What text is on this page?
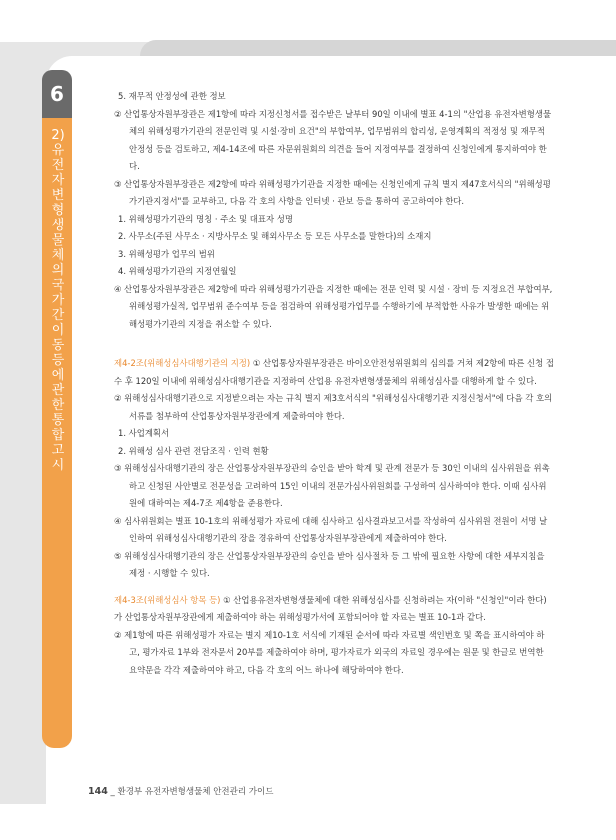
6
2) 유전자변형생물체의 국가간 이동 등에 관한 통합고시

5. 재무적 안정성에 관한 정보

② 산업통상자원부장관은 제1항에 따라 지정신청서를 접수받은 날부터 90일 이내에 별표 4-1의 "산업용 유전자변형생물체의 위해성평가기관의 전문인력 및 시설·장비 요건"의 부합여부, 업무범위의 합리성, 운영계획의 적정성 및 재무적 안정성 등을 검토하고, 제4-14조에 따른 자문위원회의 의견을 들어 지정여부를 결정하여 신청인에게 통지하여야 한다.

③ 산업통상자원부장관은 제2항에 따라 위해성평가기관을 지정한 때에는 신청인에게 규칙 별지 제47호서식의 "위해성평가기관지정서"를 교부하고, 다음 각 호의 사항을 인터넷 · 관보 등을 통하여 공고하여야 한다.

1. 위해성평가기관의 명칭 · 주소 및 대표자 성명

2. 사무소(주된 사무소 · 지방사무소 및 해외사무소 등 모든 사무소를 말한다)의 소재지

3. 위해성평가 업무의 범위

4. 위해성평가기관의 지정연월일

④ 산업통상자원부장관은 제2항에 따라 위해성평가기관을 지정한 때에는 전문 인력 및 시설 · 장비 등 지정요건 부합여부, 위해성평가실적, 업무범위 준수여부 등을 점검하여 위해성평가업무를 수행하기에 부적합한 사유가 발생한 때에는 위해성평가기관의 지정을 취소할 수 있다.

제4-2조(위해성심사대행기관의 지정) ① 산업통상자원부장관은 바이오안전성위원회의 심의를 거쳐 제2항에 따른 신청 접수 후 120일 이내에 위해성심사대행기관을 지정하여 산업용 유전자변형생물체의 위해성심사를 대행하게 할 수 있다.

② 위해성심사대행기관으로 지정받으려는 자는 규칙 별지 제3호서식의 "위해성심사대행기관 지정신청서"에 다음 각 호의 서류를 첨부하여 산업통상자원부장관에게 제출하여야 한다.

1. 사업계획서

2. 위해성 심사 관련 전담조직 · 인력 현황

③ 위해성심사대행기관의 장은 산업통상자원부장관의 승인을 받아 학계 및 관계 전문가 등 30인 이내의 심사위원을 위촉하고 신청된 사안별로 전문성을 고려하여 15인 이내의 전문가심사위원회를 구성하여 심사하여야 한다. 이때 심사위원에 대하여는 제4-7조 제4항을 준용한다.

④ 심사위원회는 별표 10-1호의 위해성평가 자료에 대해 심사하고 심사결과보고서를 작성하여 심사위원 전원이 서명 날인하여 위해성심사대행기관의 장을 경유하여 산업통상자원부장관에게 제출하여야 한다.

⑤ 위해성심사대행기관의 장은 산업통상자원부장관의 승인을 받아 심사절차 등 그 밖에 필요한 사항에 대한 세부지침을 제정 · 시행할 수 있다.

제4-3조(위해성심사 항목 등) ① 산업용유전자변형생물체에 대한 위해성심사를 신청하려는 자(이하 "신청인"이라 한다)가 산업통상자원부장관에게 제출하여야 하는 위해성평가서에 포함되어야 할 자료는 별표 10-1과 같다.

② 제1항에 따른 위해성평가 자료는 별지 제10-1호 서식에 기재된 순서에 따라 자료별 색인번호 및 쪽을 표시하여야 하고, 평가자료 1부와 전자문서 20부를 제출하여야 하며, 평가자료가 외국의 자료일 경우에는 원문 및 한글로 번역한 요약문을 각각 제출하여야 하고, 다음 각 호의 어느 하나에 해당하여야 한다.

144 _ 환경부 유전자변형생물체 안전관리 가이드
